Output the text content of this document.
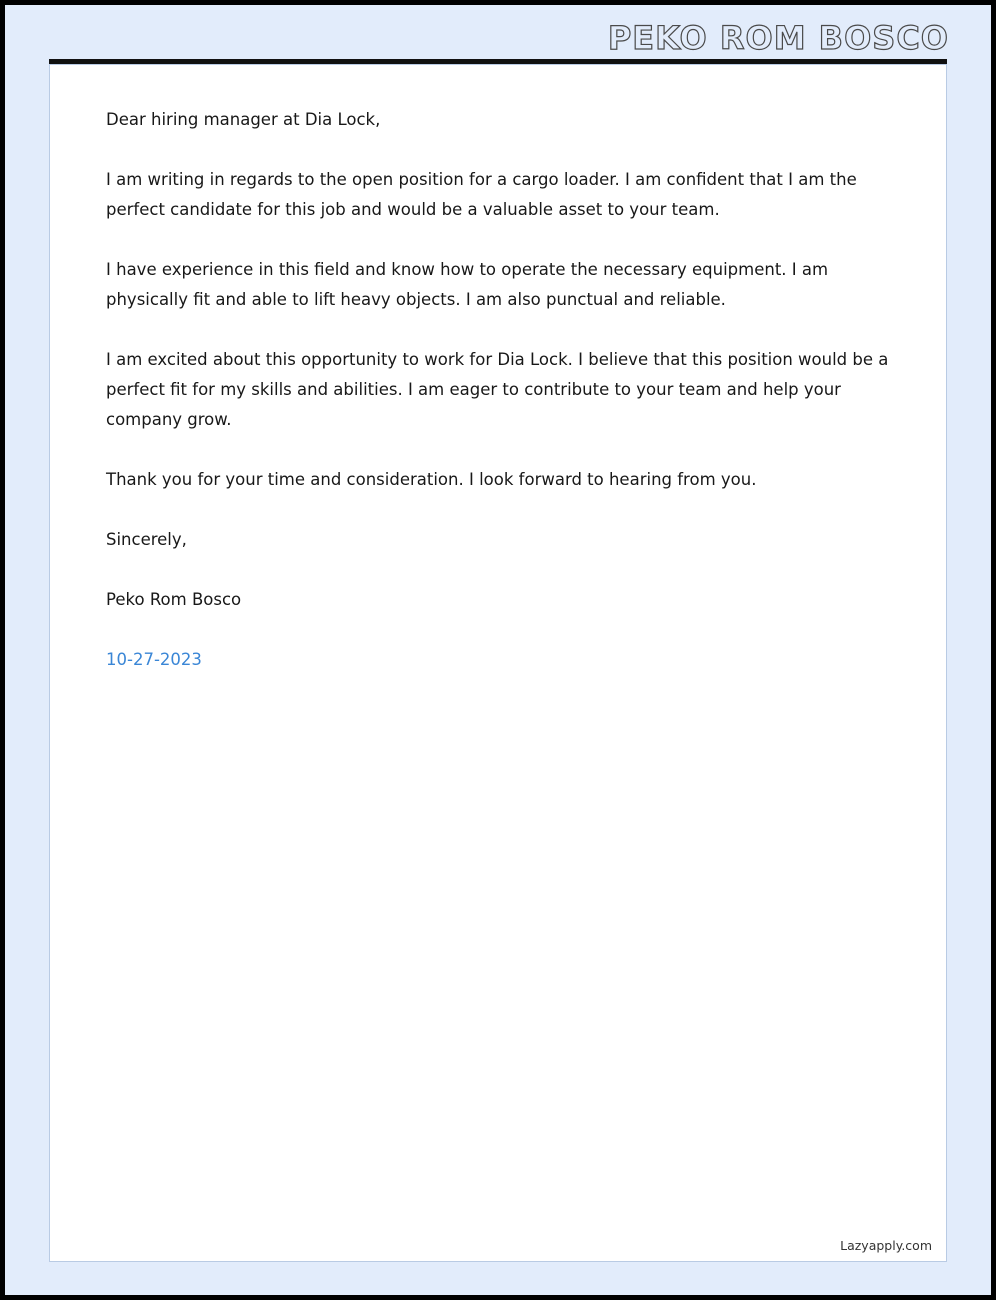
PEKO ROM BOSCO

Dear hiring manager at Dia Lock,

I am writing in regards to the open position for a cargo loader. I am confident that I am the perfect candidate for this job and would be a valuable asset to your team.

I have experience in this field and know how to operate the necessary equipment. I am physically fit and able to lift heavy objects. I am also punctual and reliable.

I am excited about this opportunity to work for Dia Lock. I believe that this position would be a perfect fit for my skills and abilities. I am eager to contribute to your team and help your company grow.

Thank you for your time and consideration. I look forward to hearing from you.

Sincerely,

Peko Rom Bosco

10-27-2023

Lazyapply.com
